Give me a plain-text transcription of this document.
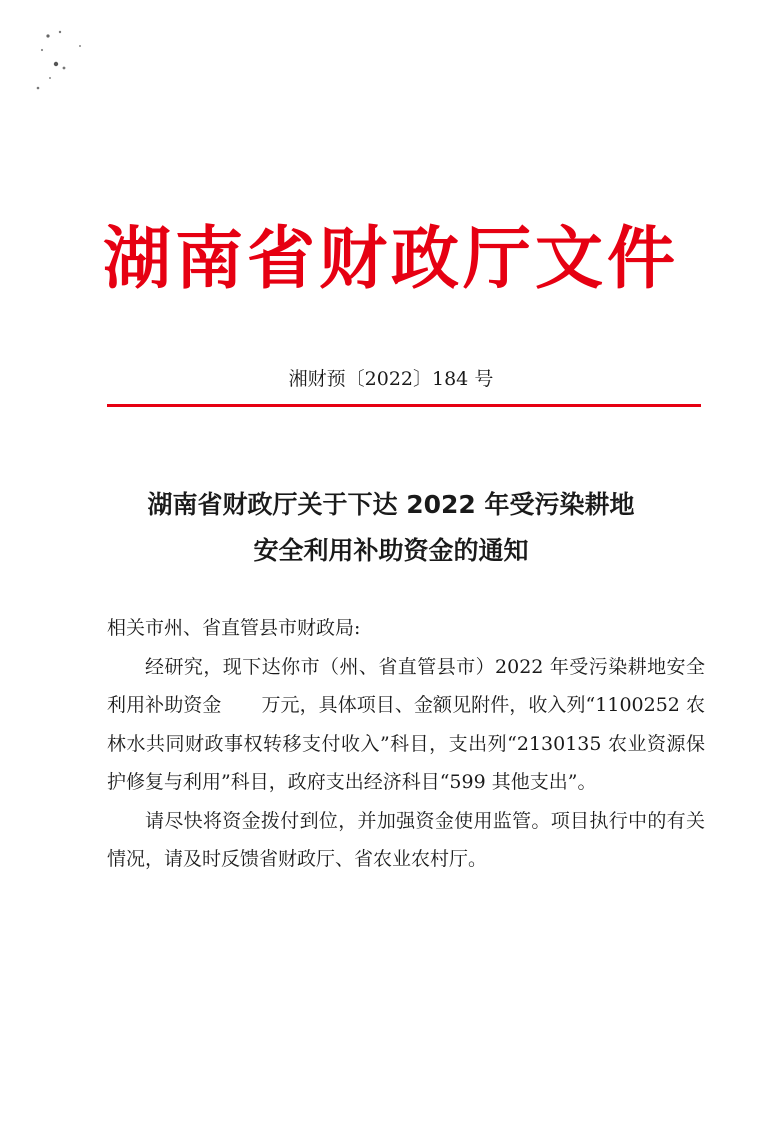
湖南省财政厅文件
湘财预〔2022〕184 号
湖南省财政厅关于下达 2022 年受污染耕地
安全利用补助资金的通知

相关市州、省直管县市财政局:

经研究，现下达你市（州、省直管县市）2022 年受污染耕地安全利用补助资金 万元，具体项目、金额见附件，收入列“1100252 农林水共同财政事权转移支付收入”科目，支出列“2130135 农业资源保护修复与利用”科目，政府支出经济科目“599 其他支出”。

请尽快将资金拨付到位，并加强资金使用监管。项目执行中的有关情况，请及时反馈省财政厅、省农业农村厅。
